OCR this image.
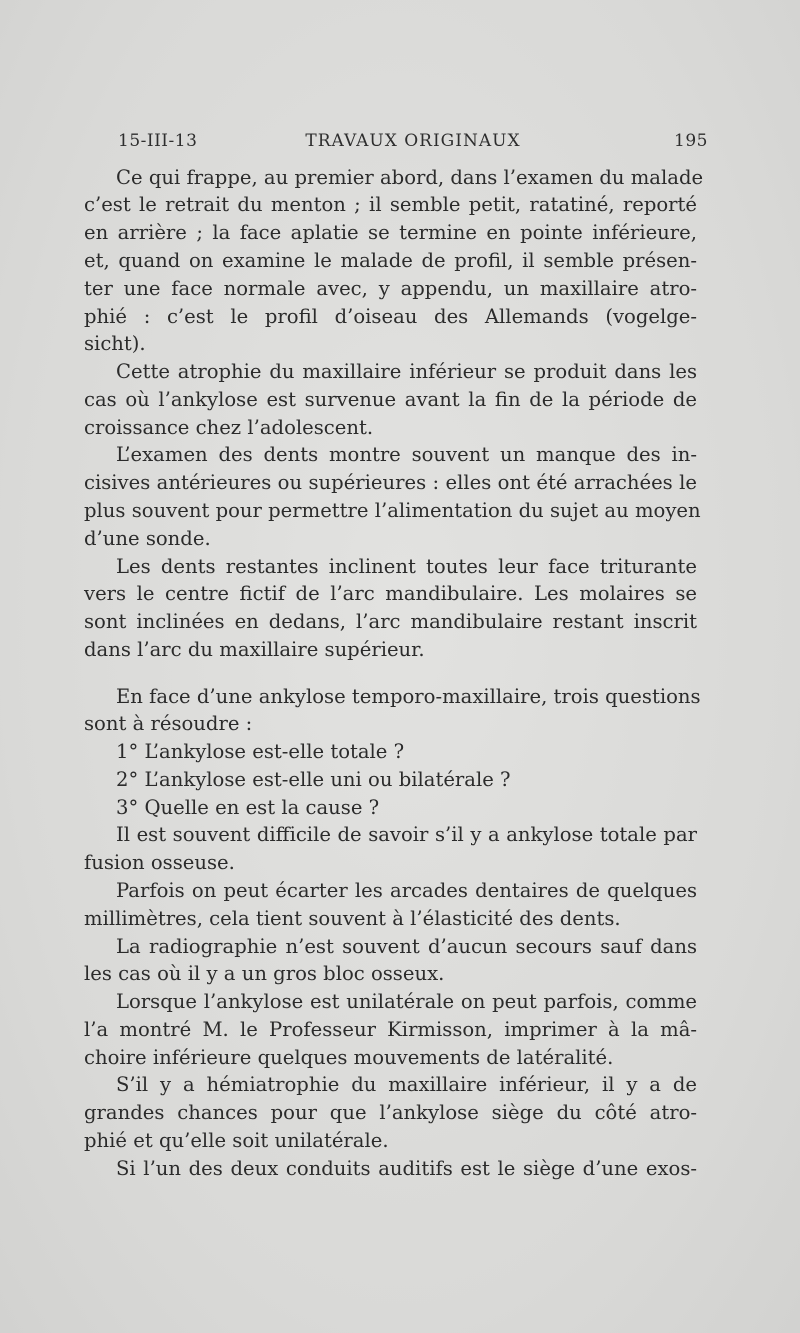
15-III-13	TRAVAUX ORIGINAUX	195
Ce qui frappe, au premier abord, dans l’examen du malade
c’est le retrait du menton ; il semble petit, ratatiné, reporté
en arrière ; la face aplatie se termine en pointe inférieure,
et, quand on examine le malade de profil, il semble présen-
ter une face normale avec, y appendu, un maxillaire atro-
phié : c’est le profil d’oiseau des Allemands (vogelge-
sicht).
Cette atrophie du maxillaire inférieur se produit dans les
cas où l’ankylose est survenue avant la fin de la période de
croissance chez l’adolescent.
L’examen des dents montre souvent un manque des in-
cisives antérieures ou supérieures : elles ont été arrachées le
plus souvent pour permettre l’alimentation du sujet au moyen
d’une sonde.
Les dents restantes inclinent toutes leur face triturante
vers le centre fictif de l’arc mandibulaire. Les molaires se
sont inclinées en dedans, l’arc mandibulaire restant inscrit
dans l’arc du maxillaire supérieur.
En face d’une ankylose temporo-maxillaire, trois questions
sont à résoudre :
1° L’ankylose est-elle totale ?
2° L’ankylose est-elle uni ou bilatérale ?
3° Quelle en est la cause ?
Il est souvent difficile de savoir s’il y a ankylose totale par
fusion osseuse.
Parfois on peut écarter les arcades dentaires de quelques
millimètres, cela tient souvent à l’élasticité des dents.
La radiographie n’est souvent d’aucun secours sauf dans
les cas où il y a un gros bloc osseux.
Lorsque l’ankylose est unilatérale on peut parfois, comme
l’a montré M. le Professeur Kirmisson, imprimer à la mâ-
choire inférieure quelques mouvements de latéralité.
S’il y a hémiatrophie du maxillaire inférieur, il y a de
grandes chances pour que l’ankylose siège du côté atro-
phié et qu’elle soit unilatérale.
Si l’un des deux conduits auditifs est le siège d’une exos-
